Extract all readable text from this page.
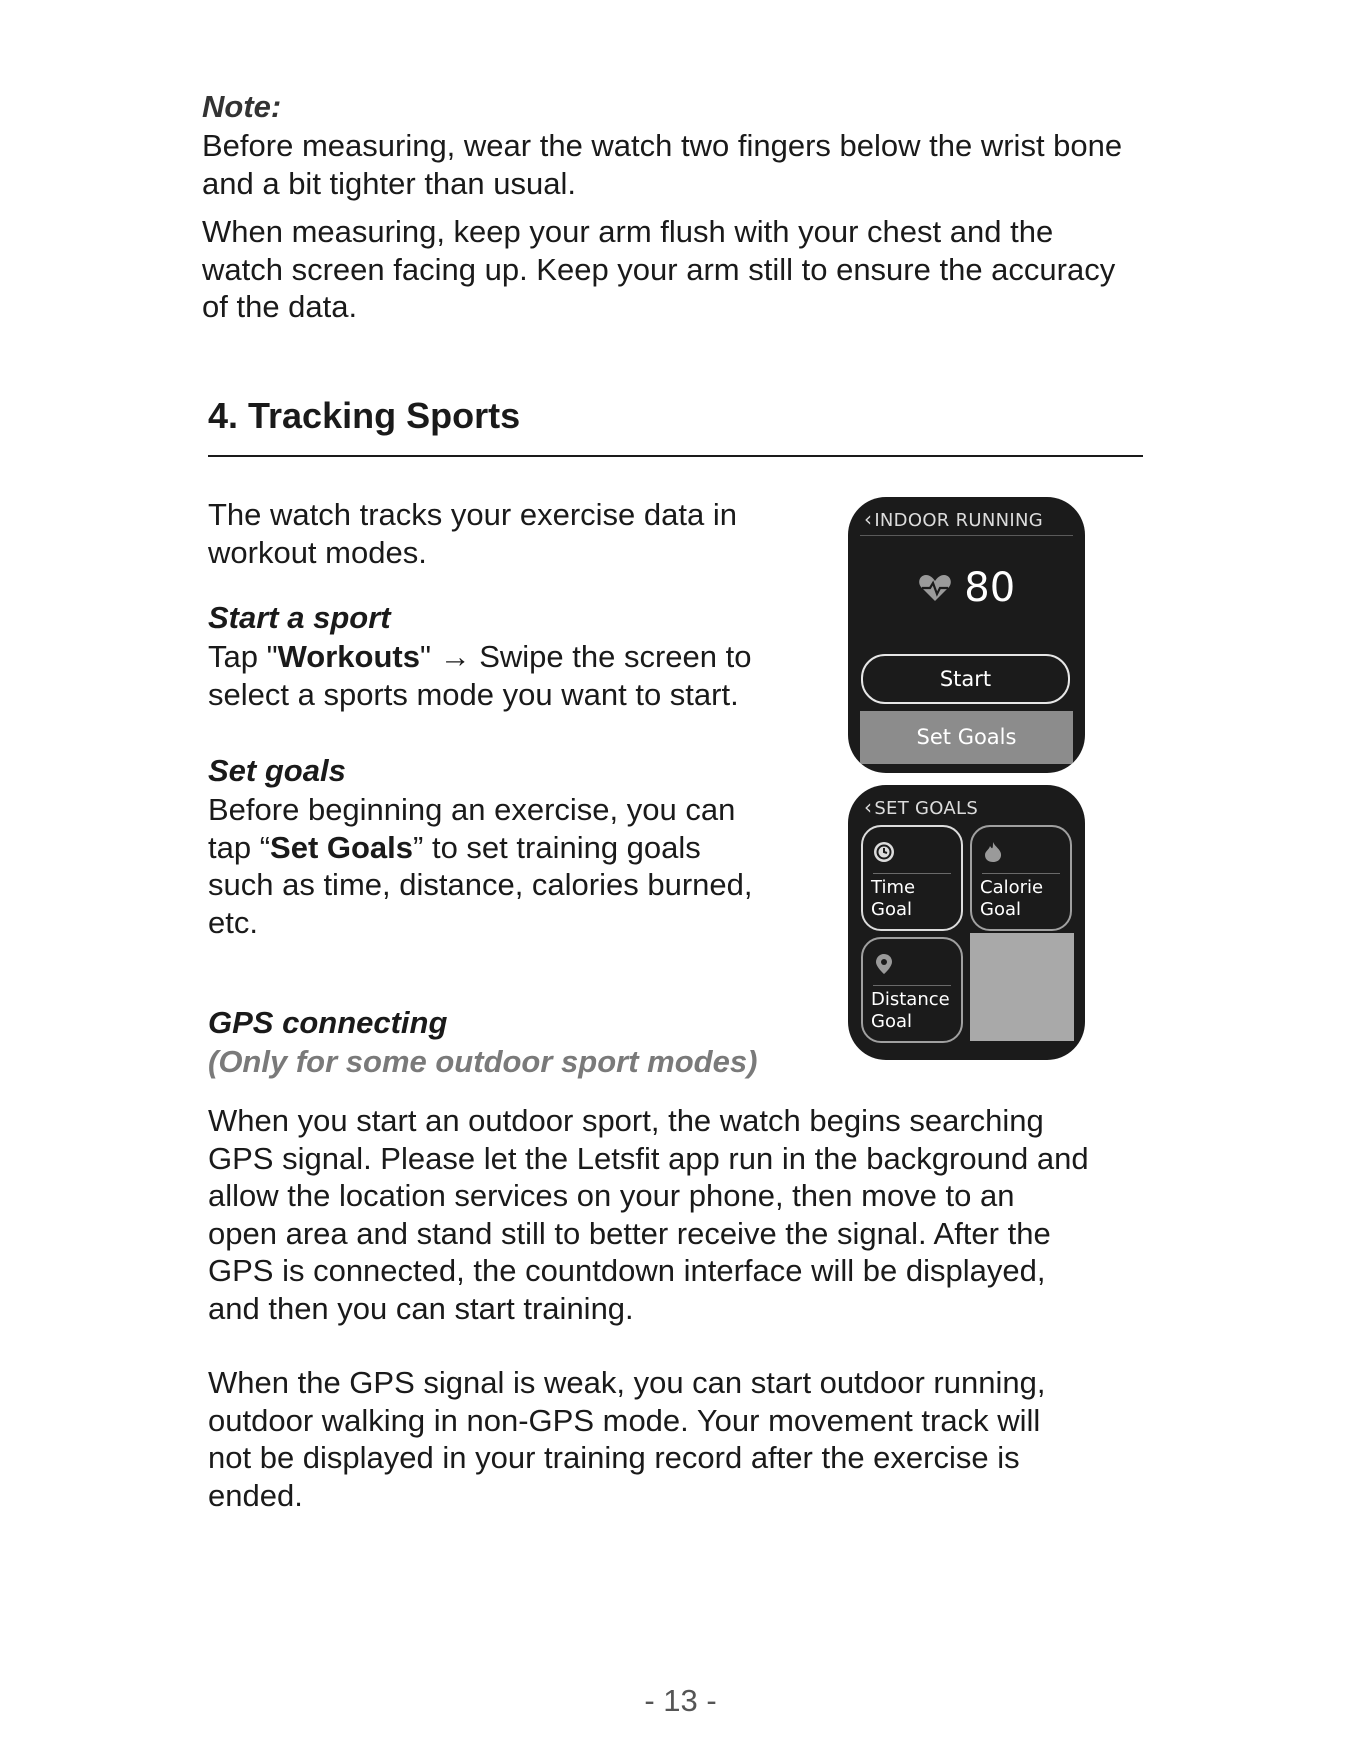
Note:
Before measuring, wear the watch two fingers below the wrist bone
and a bit tighter than usual.
When measuring, keep your arm flush with your chest and the
watch screen facing up. Keep your arm still to ensure the accuracy
of the data.
4. Tracking Sports
The watch tracks your exercise data in
workout modes.
Start a sport
Tap "Workouts" → Swipe the screen to
select a sports mode you want to start.
Set goals
Before beginning an exercise, you can
tap “Set Goals” to set training goals
such as time, distance, calories burned,
etc.
GPS connecting
(Only for some outdoor sport modes)
When you start an outdoor sport, the watch begins searching
GPS signal. Please let the Letsfit app run in the background and
allow the location services on your phone, then move to an
open area and stand still to better receive the signal. After the
GPS is connected, the countdown interface will be displayed,
and then you can start training.
When the GPS signal is weak, you can start outdoor running,
outdoor walking in non-GPS mode. Your movement track will
not be displayed in your training record after the exercise is
ended.
‹ INDOOR RUNNING
80
Start
Set Goals
‹ SET GOALS
Time
Goal
Calorie
Goal
Distance
Goal
- 13 -
